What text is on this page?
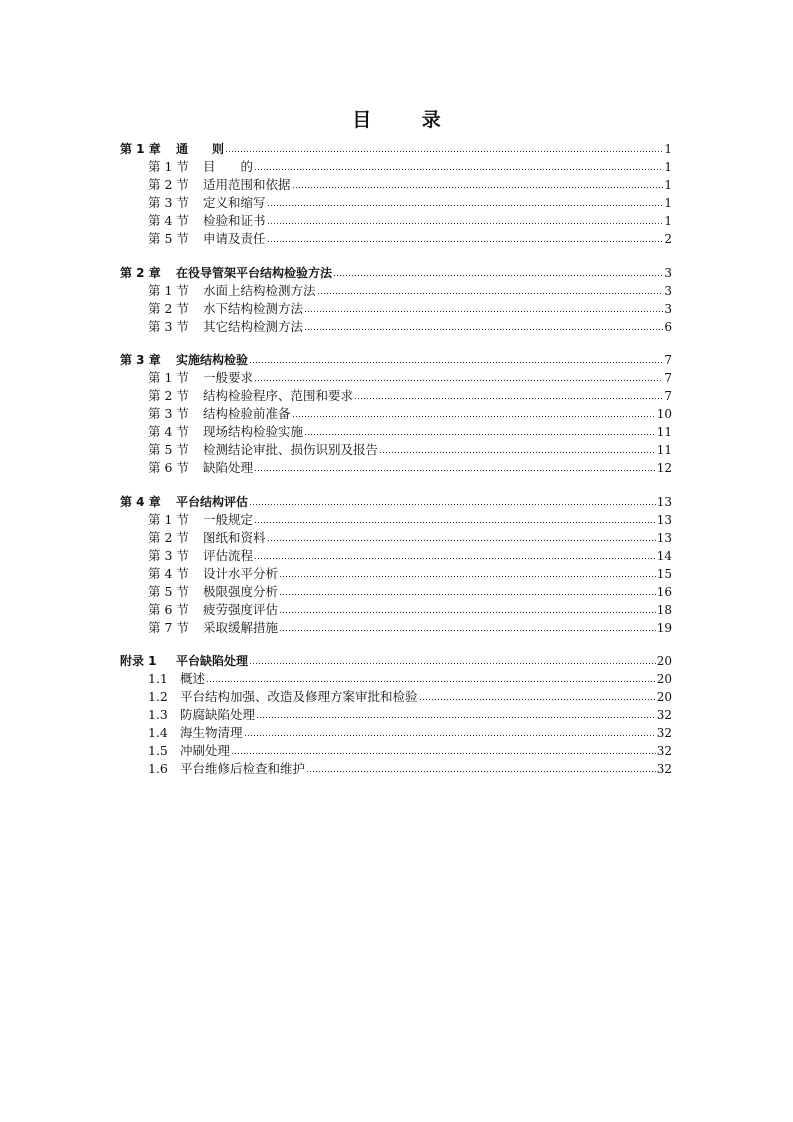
目 录
第 1 章	通　　则	1
第 1 节	目　　的	1
第 2 节	适用范围和依据	1
第 3 节	定义和缩写	1
第 4 节	检验和证书	1
第 5 节	申请及责任	2
第 2 章	在役导管架平台结构检验方法	3
第 1 节	水面上结构检测方法	3
第 2 节	水下结构检测方法	3
第 3 节	其它结构检测方法	6
第 3 章	实施结构检验	7
第 1 节	一般要求	7
第 2 节	结构检验程序、范围和要求	7
第 3 节	结构检验前准备	10
第 4 节	现场结构检验实施	11
第 5 节	检测结论审批、损伤识别及报告	11
第 6 节	缺陷处理	12
第 4 章	平台结构评估	13
第 1 节	一般规定	13
第 2 节	图纸和资料	13
第 3 节	评估流程	14
第 4 节	设计水平分析	15
第 5 节	极限强度分析	16
第 6 节	疲劳强度评估	18
第 7 节	采取缓解措施	19
附录 1	平台缺陷处理	20
1.1 概述	20
1.2 平台结构加强、改造及修理方案审批和检验	20
1.3 防腐缺陷处理	32
1.4 海生物清理	32
1.5 冲刷处理	32
1.6 平台维修后检查和维护	32
